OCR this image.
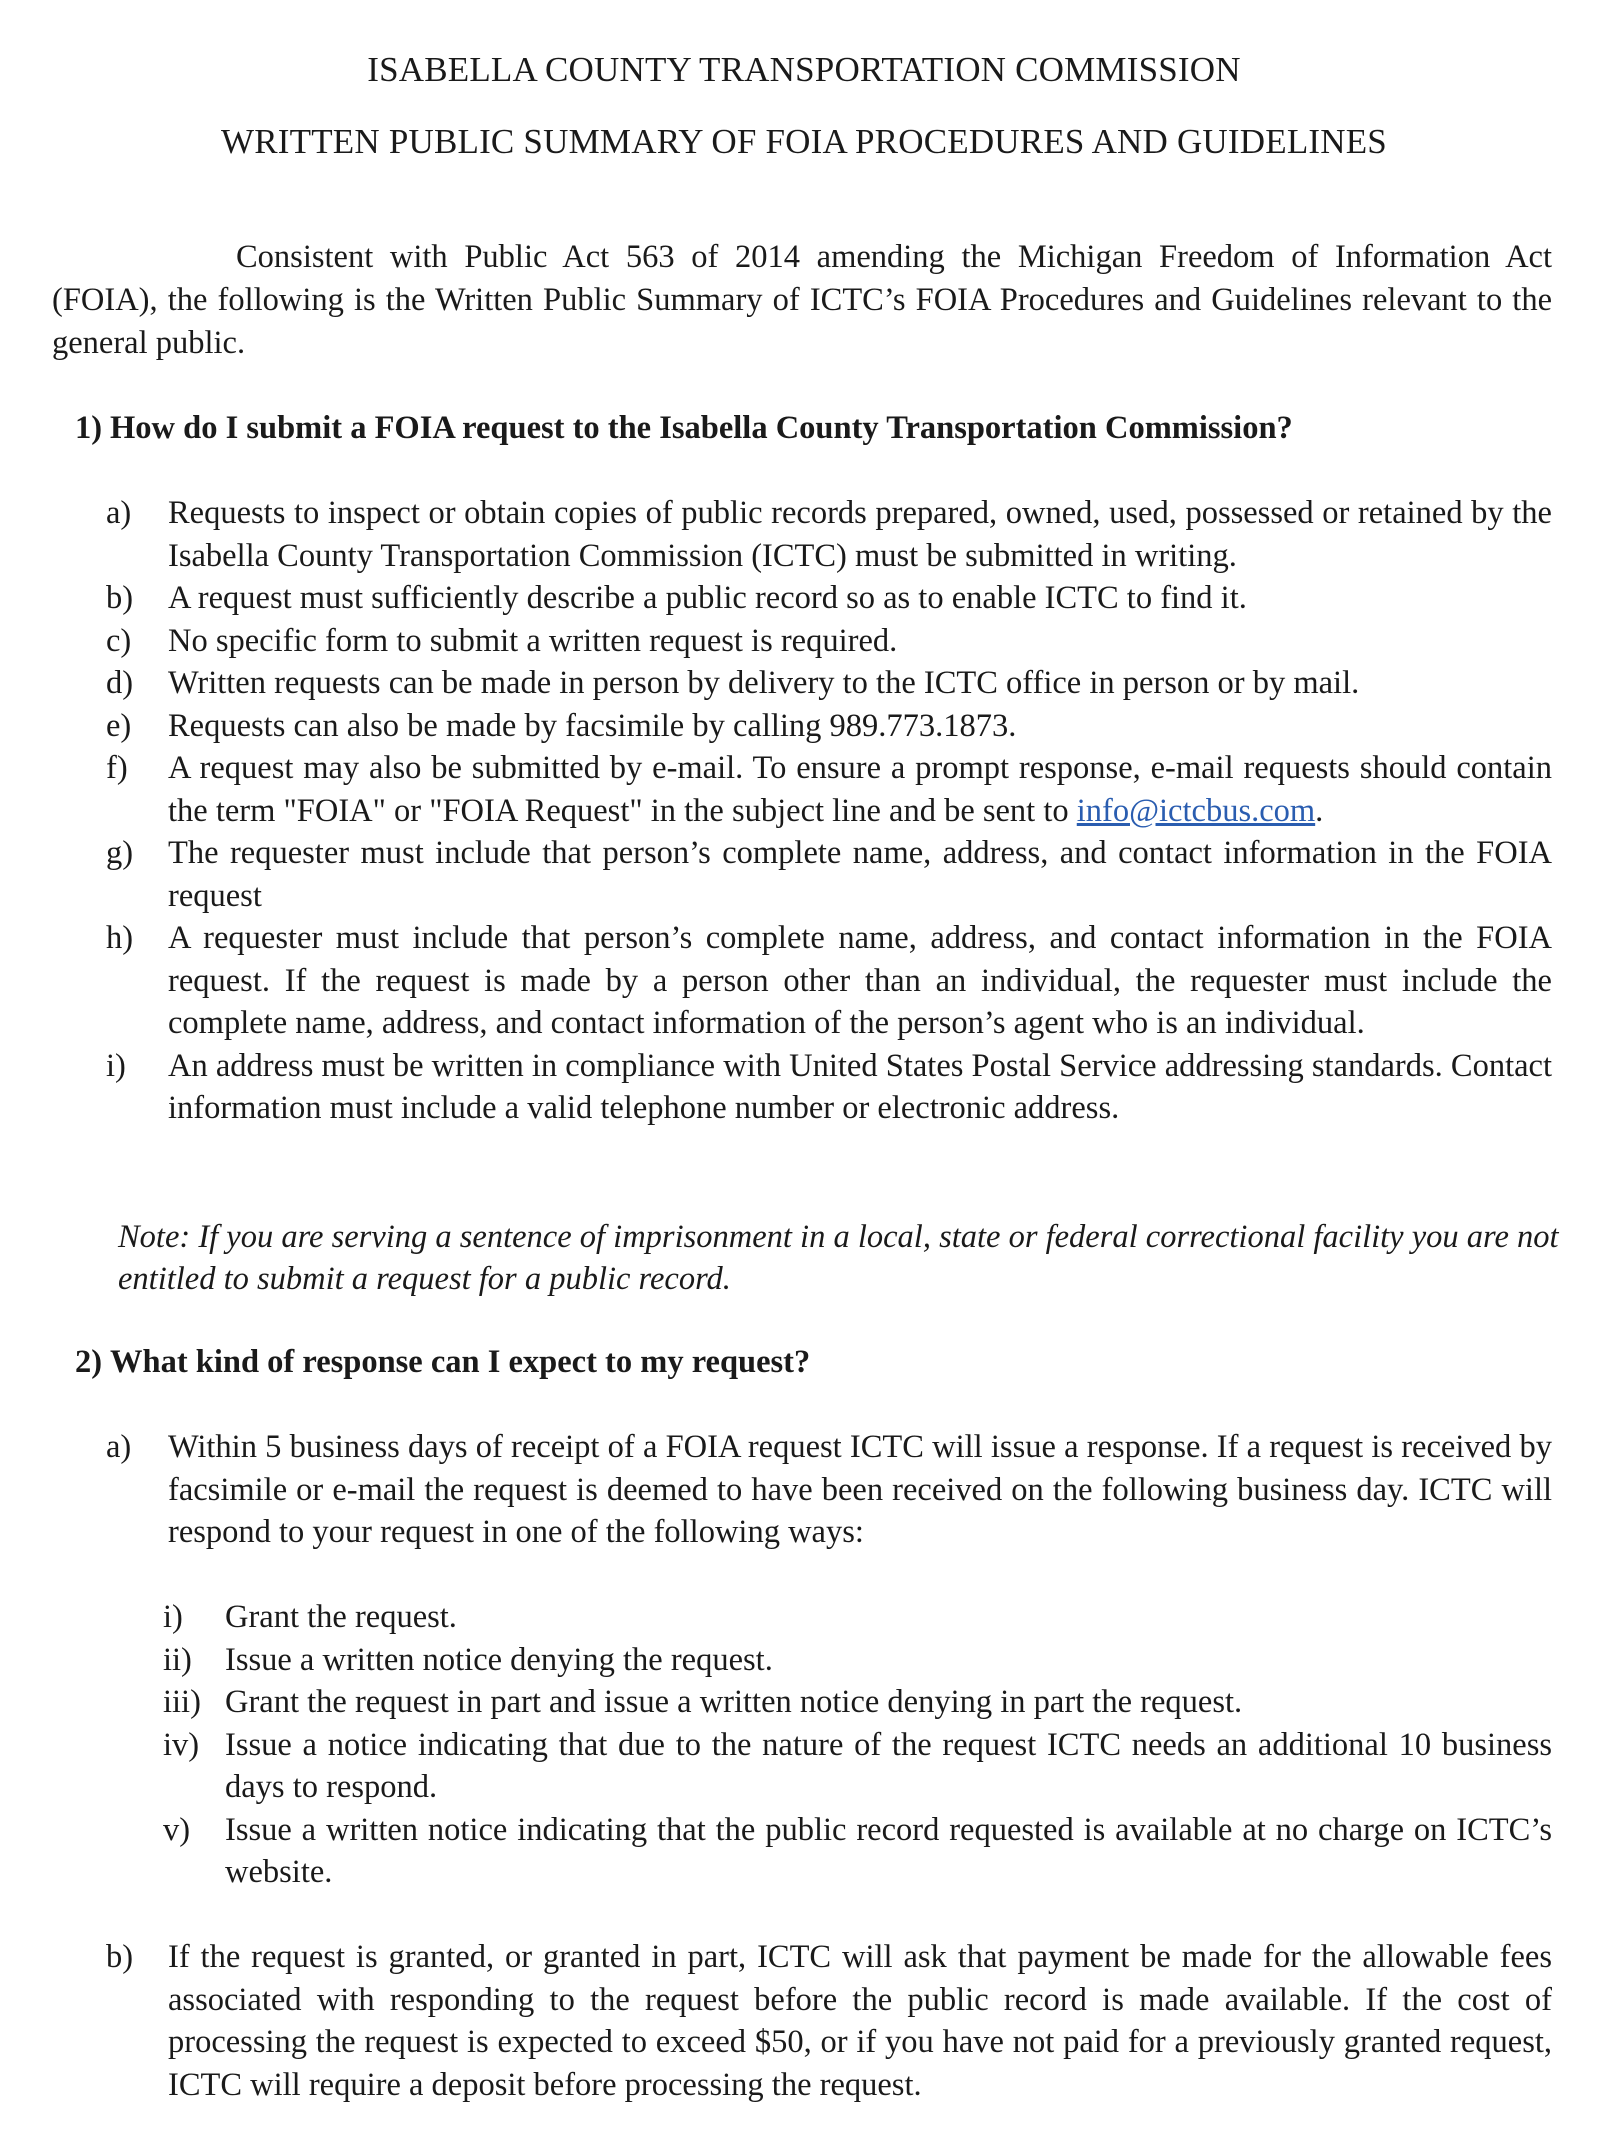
ISABELLA COUNTY TRANSPORTATION COMMISSION
WRITTEN PUBLIC SUMMARY OF FOIA PROCEDURES AND GUIDELINES

Consistent with Public Act 563 of 2014 amending the Michigan Freedom of Information Act (FOIA), the following is the Written Public Summary of ICTC’s FOIA Procedures and Guidelines relevant to the general public.

1) How do I submit a FOIA request to the Isabella County Transportation Commission?
a) Requests to inspect or obtain copies of public records prepared, owned, used, possessed or retained by the Isabella County Transportation Commission (ICTC) must be submitted in writing.
b) A request must sufficiently describe a public record so as to enable ICTC to find it.
c) No specific form to submit a written request is required.
d) Written requests can be made in person by delivery to the ICTC office in person or by mail.
e) Requests can also be made by facsimile by calling 989.773.1873.
f) A request may also be submitted by e-mail. To ensure a prompt response, e-mail requests should contain the term "FOIA" or "FOIA Request" in the subject line and be sent to info@ictcbus.com.
g) The requester must include that person’s complete name, address, and contact information in the FOIA request
h) A requester must include that person’s complete name, address, and contact information in the FOIA request. If the request is made by a person other than an individual, the requester must include the complete name, address, and contact information of the person’s agent who is an individual.
i) An address must be written in compliance with United States Postal Service addressing standards. Contact information must include a valid telephone number or electronic address.
Note: If you are serving a sentence of imprisonment in a local, state or federal correctional facility you are not entitled to submit a request for a public record.
2) What kind of response can I expect to my request?
a) Within 5 business days of receipt of a FOIA request ICTC will issue a response. If a request is received by facsimile or e-mail the request is deemed to have been received on the following business day. ICTC will respond to your request in one of the following ways:
i) Grant the request.
ii) Issue a written notice denying the request.
iii) Grant the request in part and issue a written notice denying in part the request.
iv) Issue a notice indicating that due to the nature of the request ICTC needs an additional 10 business days to respond.
v) Issue a written notice indicating that the public record requested is available at no charge on ICTC’s website.
b) If the request is granted, or granted in part, ICTC will ask that payment be made for the allowable fees associated with responding to the request before the public record is made available. If the cost of processing the request is expected to exceed $50, or if you have not paid for a previously granted request, ICTC will require a deposit before processing the request.
